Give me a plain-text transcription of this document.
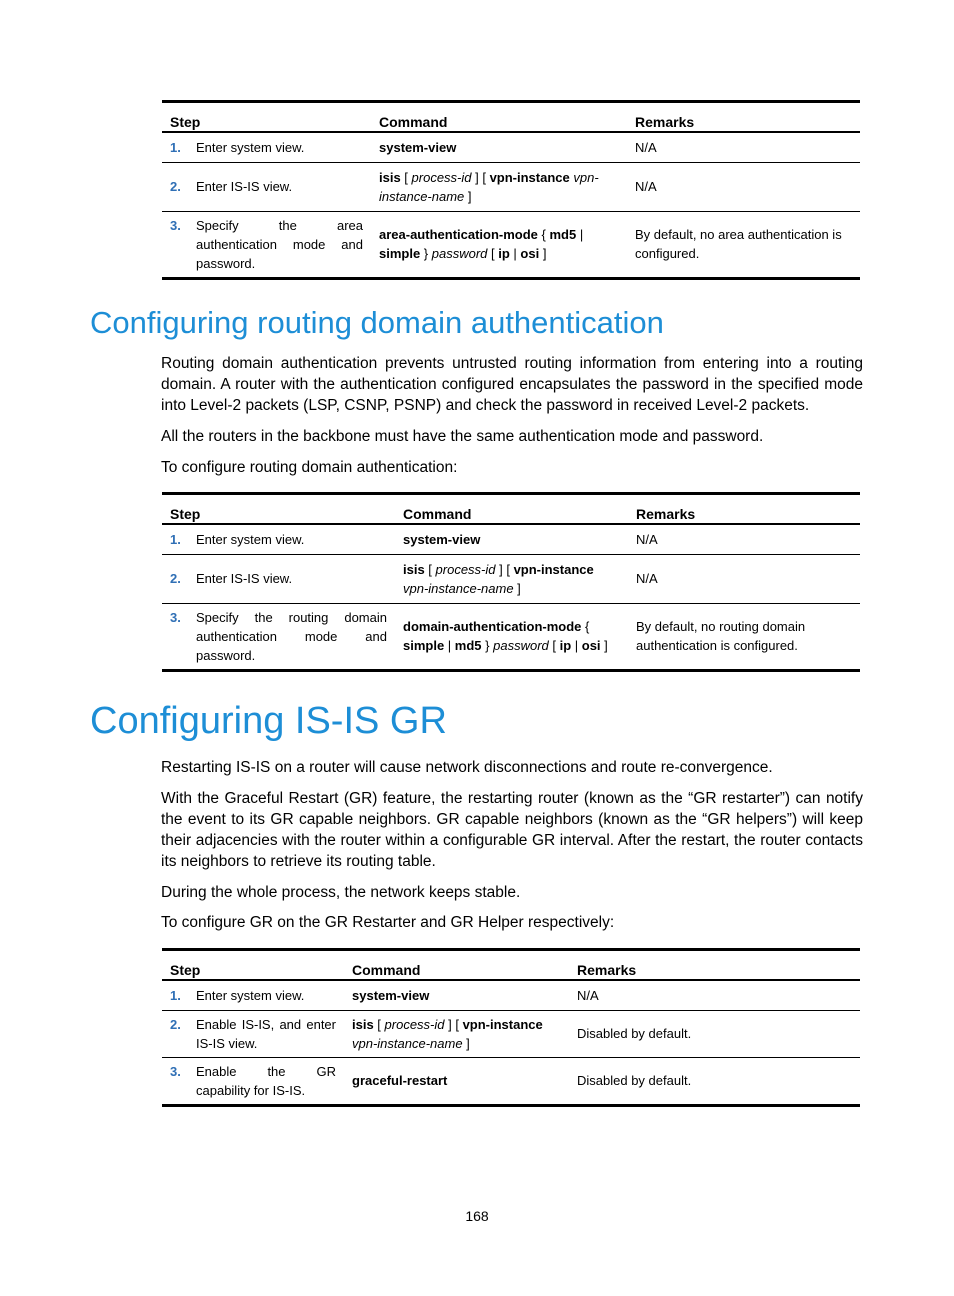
Step	Command	Remarks

1. Enter system view.	system-view	N/A

2. Enter IS-IS view.	isis [ process-id ] [ vpn-instance vpn-instance-name ]	N/A

3. Specify the area authentication mode and password.	area-authentication-mode { md5 | simple } password [ ip | osi ]	By default, no area authentication is configured.
Configuring routing domain authentication

Routing domain authentication prevents untrusted routing information from entering into a routing domain. A router with the authentication configured encapsulates the password in the specified mode into Level-2 packets (LSP, CSNP, PSNP) and check the password in received Level-2 packets.

All the routers in the backbone must have the same authentication mode and password.

To configure routing domain authentication:

Step	Command	Remarks

1. Enter system view.	system-view	N/A

2. Enter IS-IS view.	isis [ process-id ] [ vpn-instance vpn-instance-name ]	N/A

3. Specify the routing domain authentication mode and password.	domain-authentication-mode { simple | md5 } password [ ip | osi ]	By default, no routing domain authentication is configured.
Configuring IS-IS GR

Restarting IS-IS on a router will cause network disconnections and route re-convergence.

With the Graceful Restart (GR) feature, the restarting router (known as the “GR restarter”) can notify the event to its GR capable neighbors. GR capable neighbors (known as the “GR helpers”) will keep their adjacencies with the router within a configurable GR interval. After the restart, the router contacts its neighbors to retrieve its routing table.

During the whole process, the network keeps stable.

To configure GR on the GR Restarter and GR Helper respectively:

Step	Command	Remarks

1. Enter system view.	system-view	N/A

2. Enable IS-IS, and enter IS-IS view.	isis [ process-id ] [ vpn-instance vpn-instance-name ]	Disabled by default.

3. Enable the GR capability for IS-IS.	graceful-restart	Disabled by default.
168
